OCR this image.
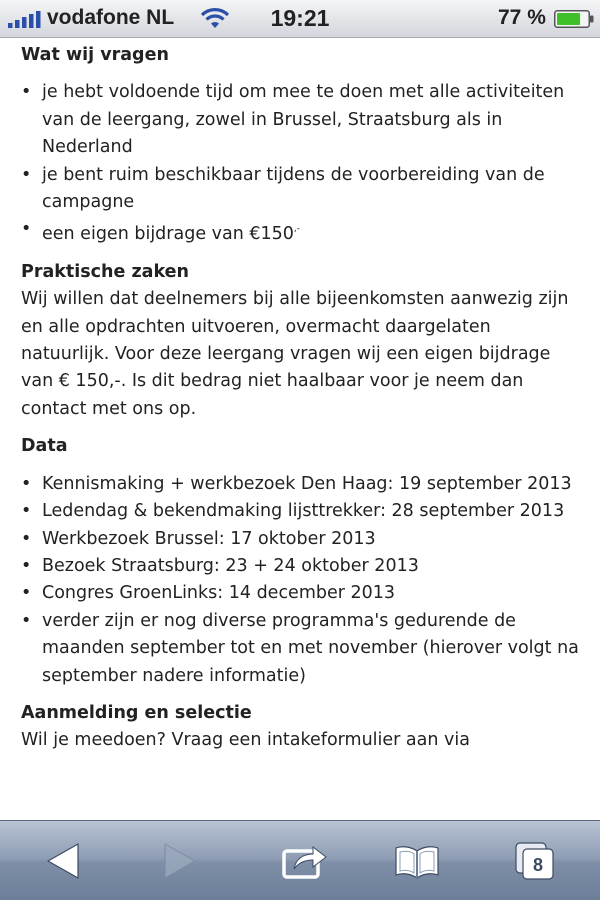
vodafone NL	19:21	77 %
Wat wij vragen
• je hebt voldoende tijd om mee te doen met alle activiteiten van de leergang, zowel in Brussel, Straatsburg als in Nederland
• je bent ruim beschikbaar tijdens de voorbereiding van de campagne
• een eigen bijdrage van €150,-
Praktische zaken

Wij willen dat deelnemers bij alle bijeenkomsten aanwezig zijn en alle opdrachten uitvoeren, overmacht daargelaten natuurlijk. Voor deze leergang vragen wij een eigen bijdrage van € 150,-. Is dit bedrag niet haalbaar voor je neem dan contact met ons op.

Data
• Kennismaking + werkbezoek Den Haag: 19 september 2013
• Ledendag & bekendmaking lijsttrekker: 28 september 2013
• Werkbezoek Brussel: 17 oktober 2013
• Bezoek Straatsburg: 23 + 24 oktober 2013
• Congres GroenLinks: 14 december 2013
• verder zijn er nog diverse programma's gedurende de maanden september tot en met november (hierover volgt na september nadere informatie)
Aanmelding en selectie

Wil je meedoen? Vraag een intakeformulier aan via

8
